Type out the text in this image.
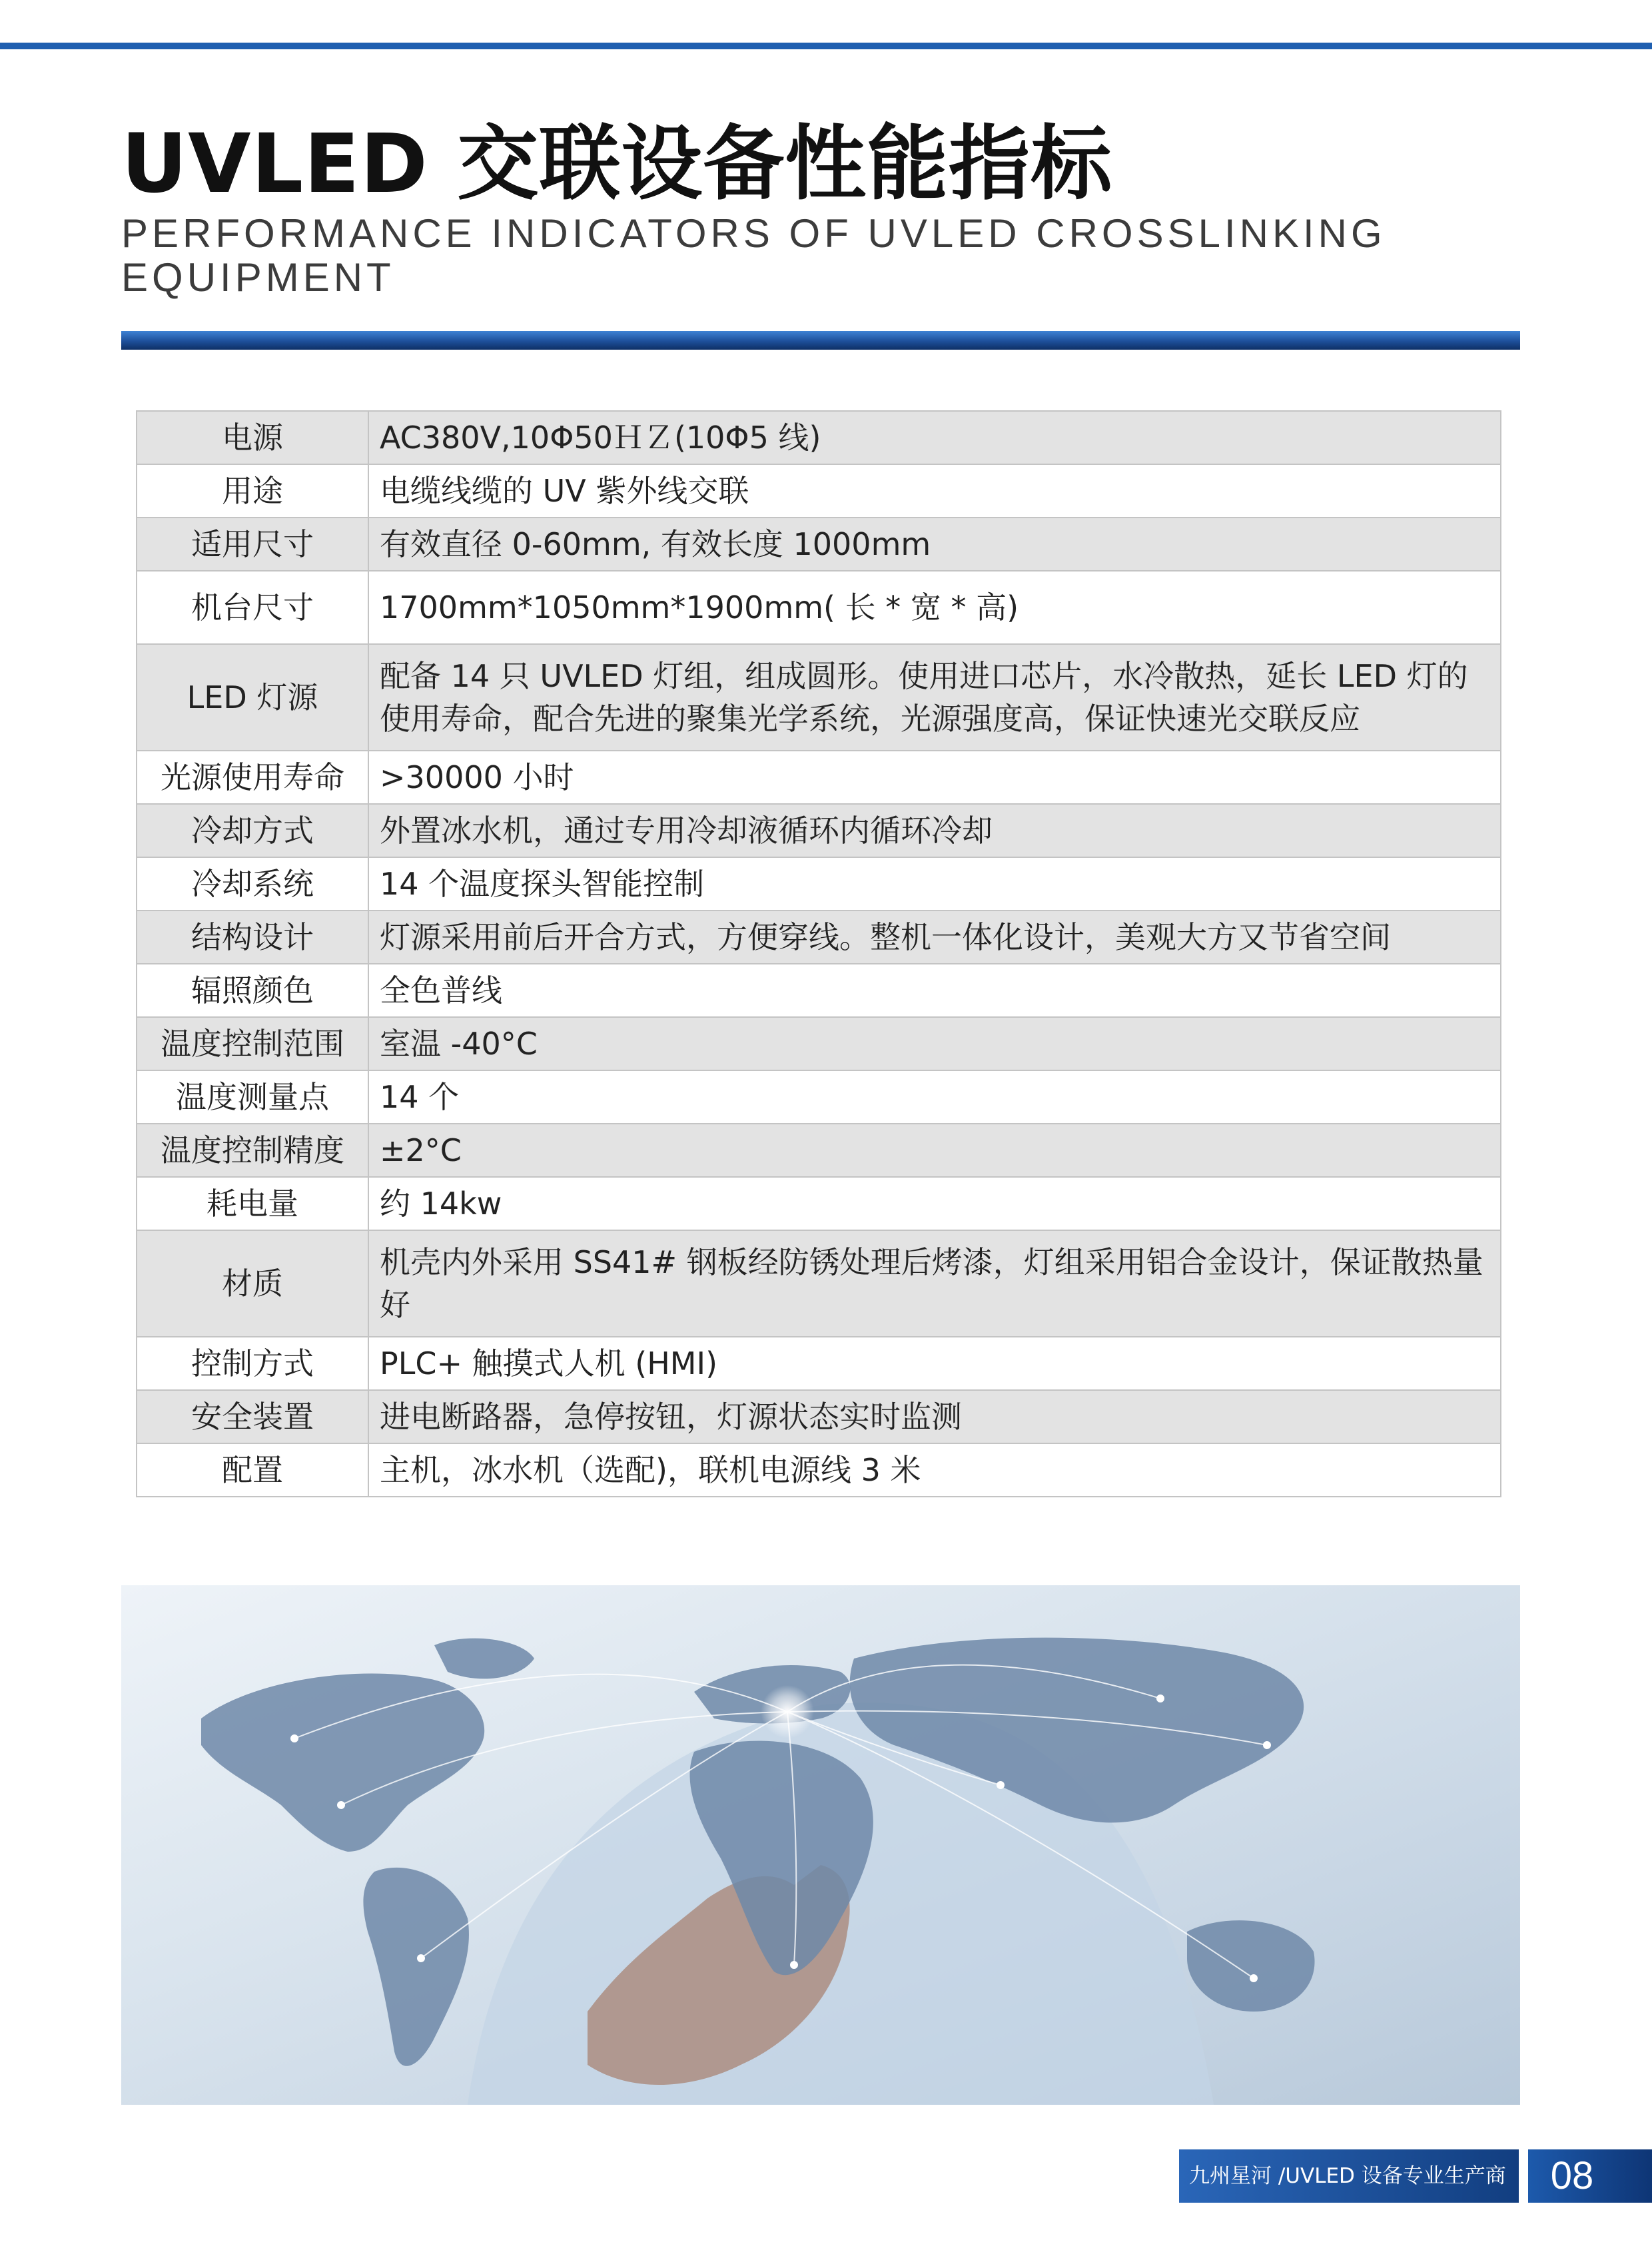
UVLED 交联设备性能指标
PERFORMANCE INDICATORS OF UVLED CROSSLINKING EQUIPMENT
电源	AC380V,10Φ50ＨＺ(10Φ5 线)
用途	电缆线缆的 UV 紫外线交联
适用尺寸	有效直径 0-60mm, 有效长度 1000mm
机台尺寸	1700mm*1050mm*1900mm( 长 * 宽 * 高)
LED 灯源	配备 14 只 UVLED 灯组，组成圆形。使用进口芯片，水冷散热，延长 LED 灯的使用寿命，配合先进的聚集光学系统，光源强度高，保证快速光交联反应
光源使用寿命	>30000 小时
冷却方式	外置冰水机，通过专用冷却液循环内循环冷却
冷却系统	14 个温度探头智能控制
结构设计	灯源采用前后开合方式，方便穿线。整机一体化设计，美观大方又节省空间
辐照颜色	全色普线
温度控制范围	室温 -40°C
温度测量点	14 个
温度控制精度	±2°C
耗电量	约 14kw
材质	机壳内外采用 SS41# 钢板经防锈处理后烤漆，灯组采用铝合金设计，保证散热量好
控制方式	PLC+ 触摸式人机 (HMI)
安全装置	进电断路器，急停按钮，灯源状态实时监测
配置	主机，冰水机（选配)，联机电源线 3 米
九州星河 /UVLED 设备专业生产商	08
